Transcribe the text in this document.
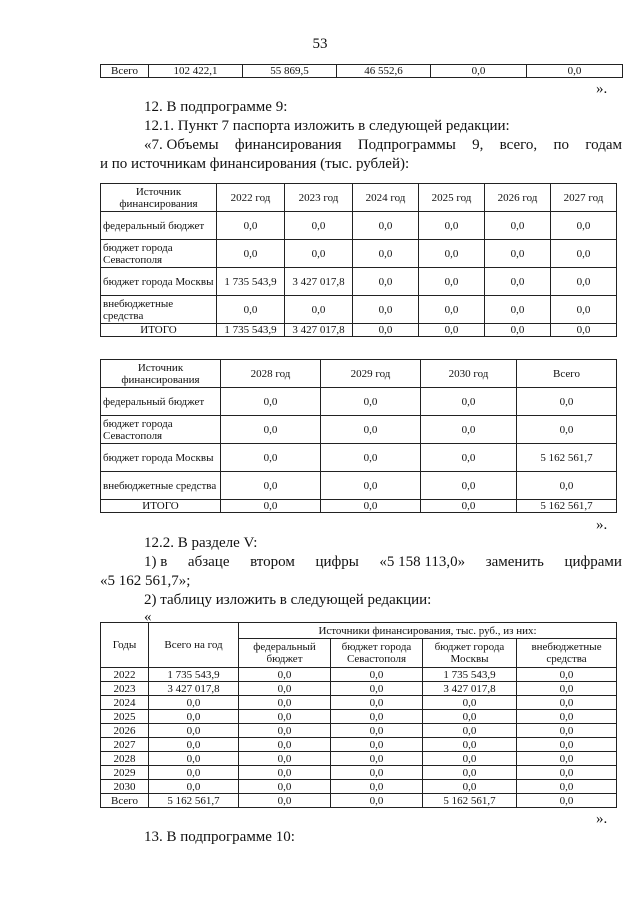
53
Всего	102 422,1	55 869,5	46 552,6	0,0	0,0
».
12. В подпрограмме 9:
12.1. Пункт 7 паспорта изложить в следующей редакции:
«7. Объемы финансирования Подпрограммы 9, всего, по годам
и по источникам финансирования (тыс. рублей):
Источник финансирования	2022 год	2023 год	2024 год	2025 год	2026 год	2027 год
федеральный бюджет	0,0	0,0	0,0	0,0	0,0	0,0
бюджет города Севастополя	0,0	0,0	0,0	0,0	0,0	0,0
бюджет города Москвы	1 735 543,9	3 427 017,8	0,0	0,0	0,0	0,0
внебюджетные средства	0,0	0,0	0,0	0,0	0,0	0,0
ИТОГО	1 735 543,9	3 427 017,8	0,0	0,0	0,0	0,0
Источник финансирования	2028 год	2029 год	2030 год	Всего
федеральный бюджет	0,0	0,0	0,0	0,0
бюджет города Севастополя	0,0	0,0	0,0	0,0
бюджет города Москвы	0,0	0,0	0,0	5 162 561,7
внебюджетные средства	0,0	0,0	0,0	0,0
ИТОГО	0,0	0,0	0,0	5 162 561,7
».
12.2. В разделе V:
1) в абзаце втором цифры «5 158 113,0» заменить цифрами
«5 162 561,7»;
2) таблицу изложить в следующей редакции:
«
Годы	Всего на год	Источники финансирования, тыс. руб., из них:			
		федеральный бюджет	бюджет города Севастополя	бюджет города Москвы	внебюджетные средства
2022	1 735 543,9	0,0	0,0	1 735 543,9	0,0
2023	3 427 017,8	0,0	0,0	3 427 017,8	0,0
2024	0,0	0,0	0,0	0,0	0,0
2025	0,0	0,0	0,0	0,0	0,0
2026	0,0	0,0	0,0	0,0	0,0
2027	0,0	0,0	0,0	0,0	0,0
2028	0,0	0,0	0,0	0,0	0,0
2029	0,0	0,0	0,0	0,0	0,0
2030	0,0	0,0	0,0	0,0	0,0
Всего	5 162 561,7	0,0	0,0	5 162 561,7	0,0
».
13. В подпрограмме 10:
